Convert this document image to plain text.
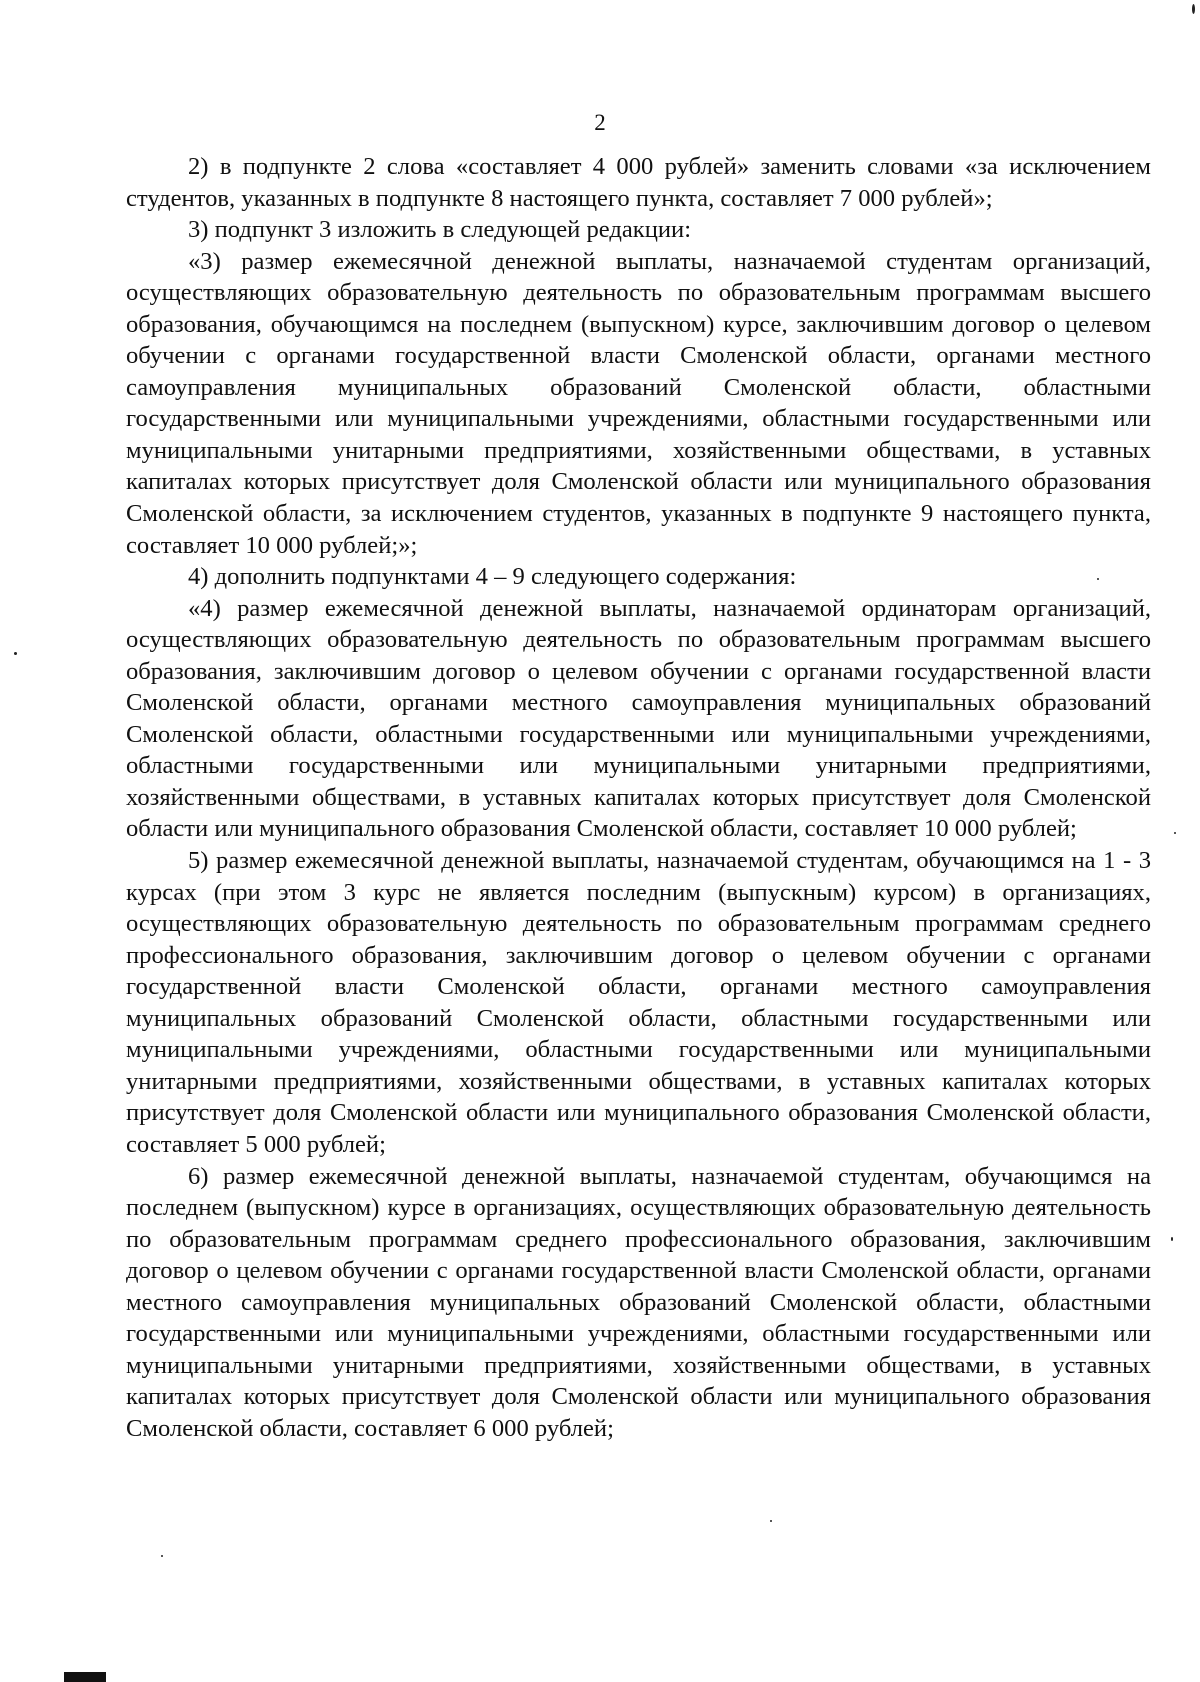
2

2) в подпункте 2 слова «составляет 4 000 рублей» заменить словами «за исключением студентов, указанных в подпункте 8 настоящего пункта, составляет 7 000 рублей»;

3) подпункт 3 изложить в следующей редакции:

«3) размер ежемесячной денежной выплаты, назначаемой студентам организаций, осуществляющих образовательную деятельность по образовательным программам высшего образования, обучающимся на последнем (выпускном) курсе, заключившим договор о целевом обучении с органами государственной власти Смоленской области, органами местного самоуправления муниципальных образований Смоленской области, областными государственными или муниципальными учреждениями, областными государственными или муниципальными унитарными предприятиями, хозяйственными обществами, в уставных капиталах которых присутствует доля Смоленской области или муниципального образования Смоленской области, за исключением студентов, указанных в подпункте 9 настоящего пункта, составляет 10 000 рублей;»;

4) дополнить подпунктами 4 – 9 следующего содержания:

«4) размер ежемесячной денежной выплаты, назначаемой ординаторам организаций, осуществляющих образовательную деятельность по образовательным программам высшего образования, заключившим договор о целевом обучении с органами государственной власти Смоленской области, органами местного самоуправления муниципальных образований Смоленской области, областными государственными или муниципальными учреждениями, областными государственными или муниципальными унитарными предприятиями, хозяйственными обществами, в уставных капиталах которых присутствует доля Смоленской области или муниципального образования Смоленской области, составляет 10 000 рублей;

5) размер ежемесячной денежной выплаты, назначаемой студентам, обучающимся на 1 - 3 курсах (при этом 3 курс не является последним (выпускным) курсом) в организациях, осуществляющих образовательную деятельность по образовательным программам среднего профессионального образования, заключившим договор о целевом обучении с органами государственной власти Смоленской области, органами местного самоуправления муниципальных образований Смоленской области, областными государственными или муниципальными учреждениями, областными государственными или муниципальными унитарными предприятиями, хозяйственными обществами, в уставных капиталах которых присутствует доля Смоленской области или муниципального образования Смоленской области, составляет 5 000 рублей;

6) размер ежемесячной денежной выплаты, назначаемой студентам, обучающимся на последнем (выпускном) курсе в организациях, осуществляющих образовательную деятельность по образовательным программам среднего профессионального образования, заключившим договор о целевом обучении с органами государственной власти Смоленской области, органами местного самоуправления муниципальных образований Смоленской области, областными государственными или муниципальными учреждениями, областными государственными или муниципальными унитарными предприятиями, хозяйственными обществами, в уставных капиталах которых присутствует доля Смоленской области или муниципального образования Смоленской области, составляет 6 000 рублей;
